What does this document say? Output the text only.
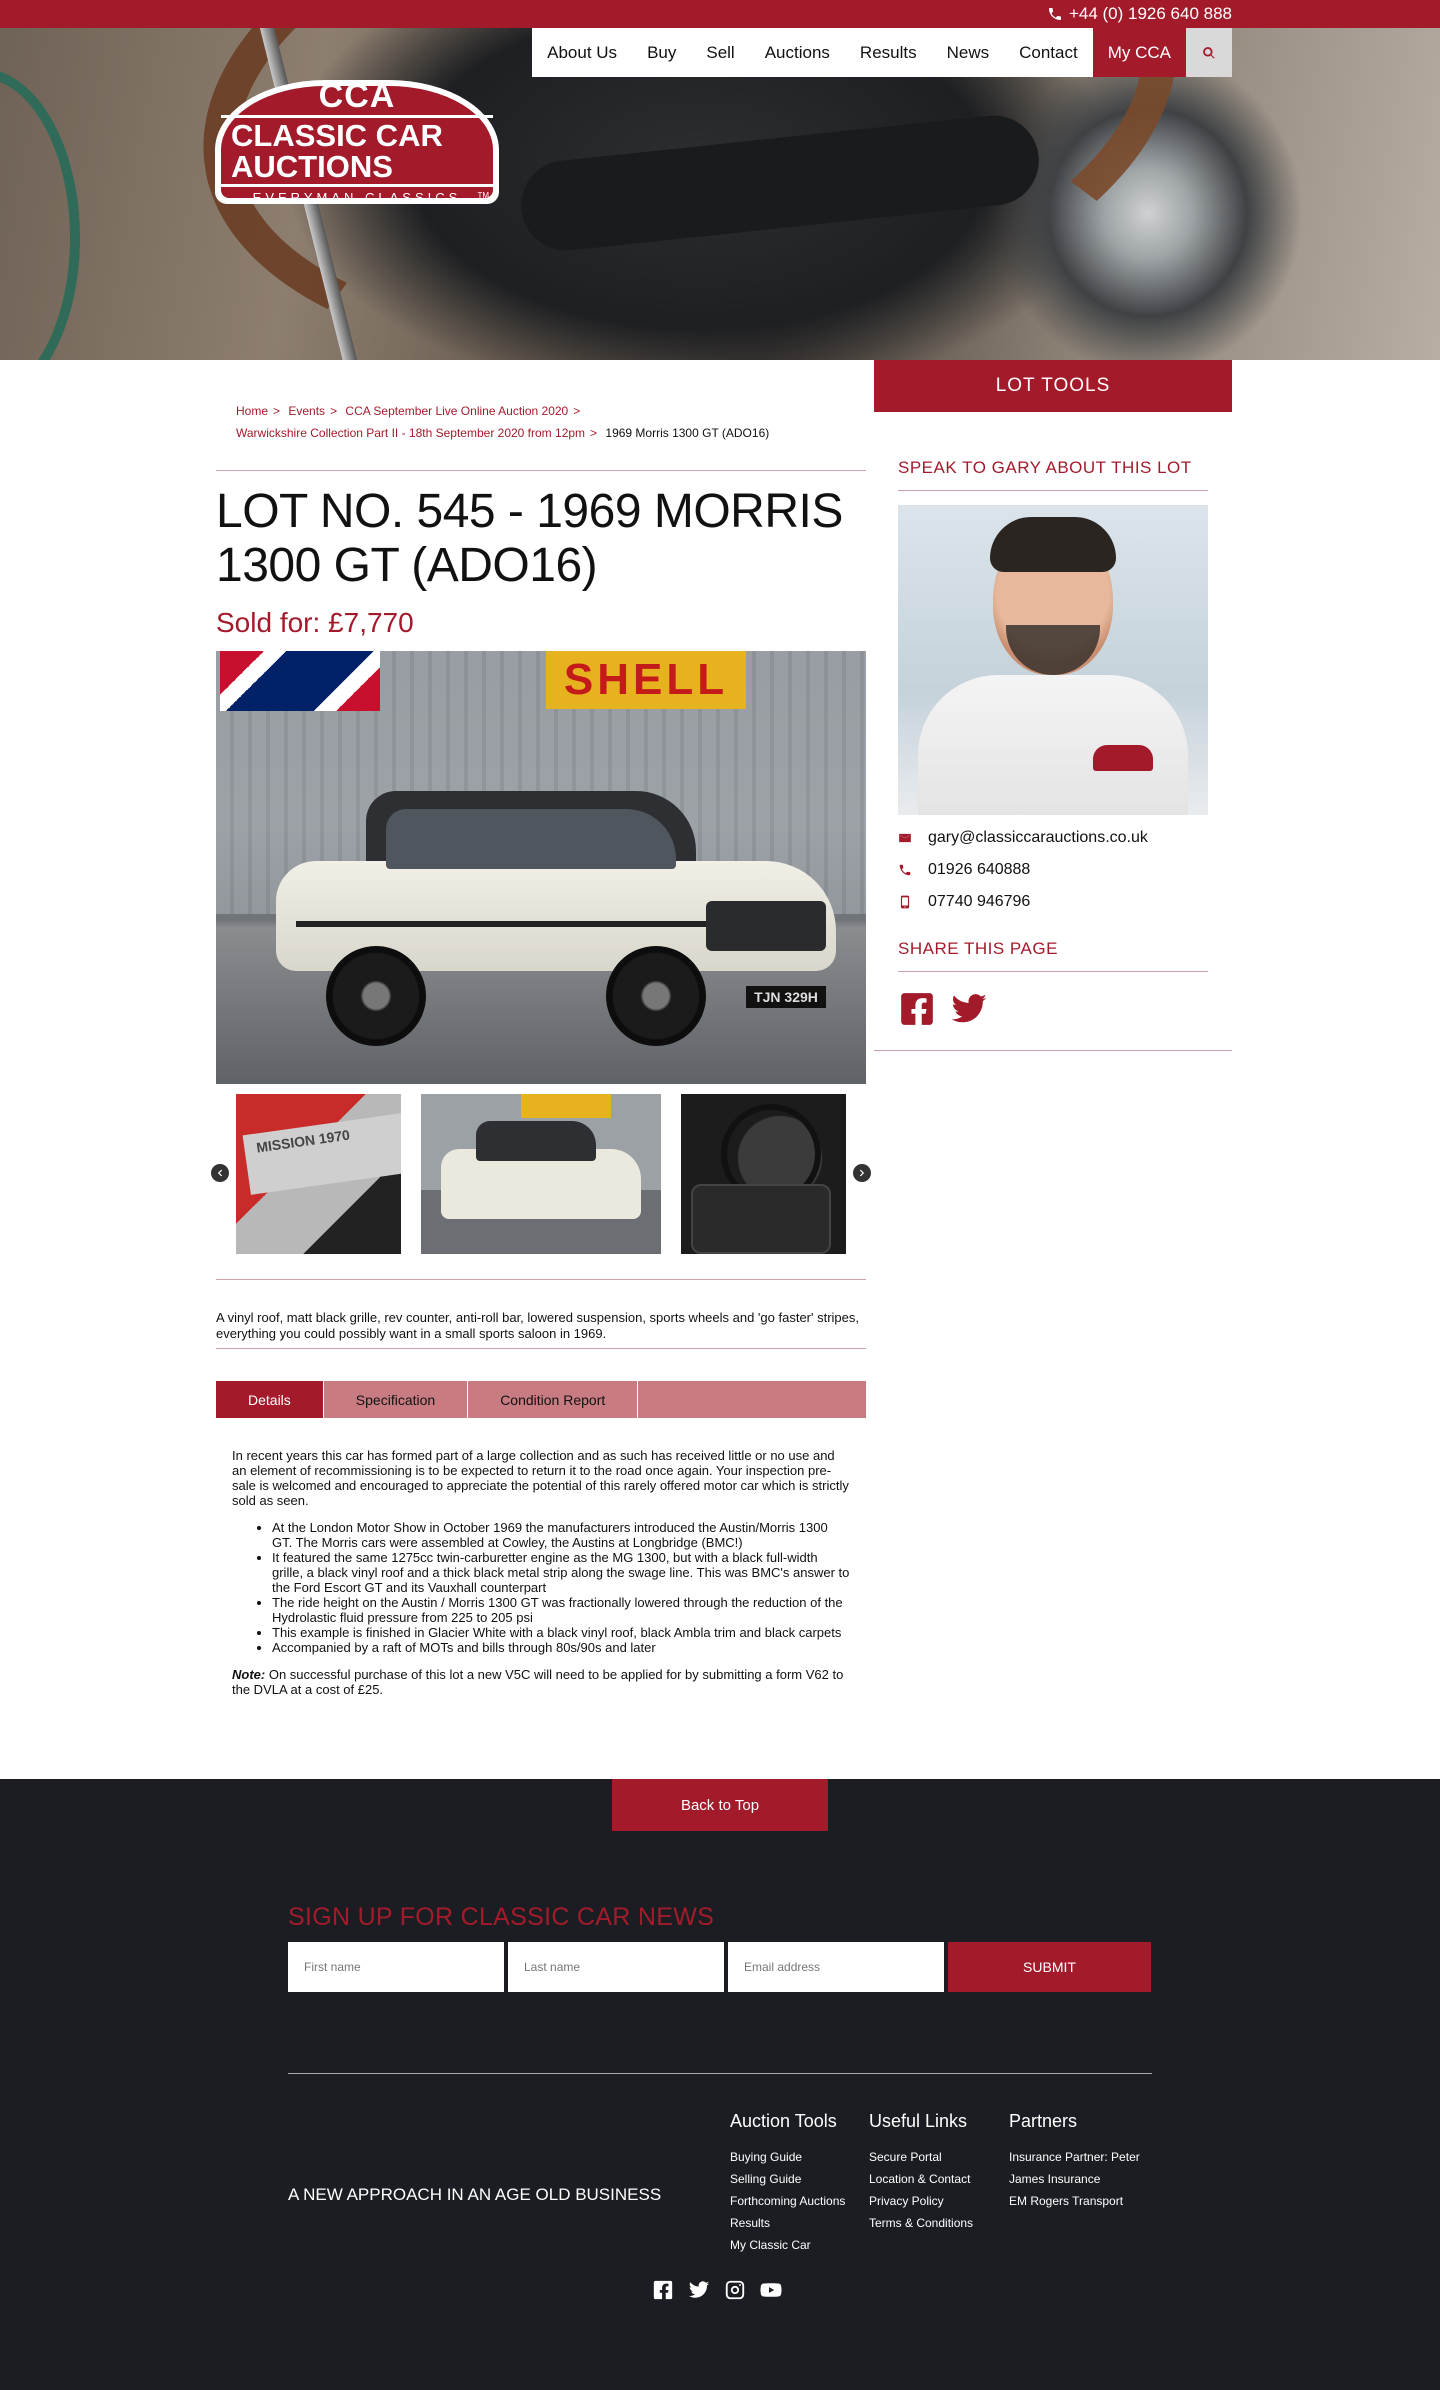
+44 (0) 1926 640 888
CCA
CLASSIC CAR AUCTIONS
EVERYMAN CLASSICS TM
About Us	Buy	Sell	Auctions	Results	News	Contact	My CCA
Home > Events > CCA September Live Online Auction 2020 >
Warwickshire Collection Part II - 18th September 2020 from 12pm > 1969 Morris 1300 GT (ADO16)
LOT NO. 545 - 1969 MORRIS 1300 GT (ADO16)
Sold for: £7,770
SHELL
TJN 329H
MISSION 1970

A vinyl roof, matt black grille, rev counter, anti-roll bar, lowered suspension, sports wheels and 'go faster' stripes, everything you could possibly want in a small sports saloon in 1969.

Details	Specification	Condition Report

In recent years this car has formed part of a large collection and as such has received little or no use and an element of recommissioning is to be expected to return it to the road once again. Your inspection pre-sale is welcomed and encouraged to appreciate the potential of this rarely offered motor car which is strictly sold as seen.

• At the London Motor Show in October 1969 the manufacturers introduced the Austin/Morris 1300 GT. The Morris cars were assembled at Cowley, the Austins at Longbridge (BMC!)
• It featured the same 1275cc twin-carburetter engine as the MG 1300, but with a black full-width grille, a black vinyl roof and a thick black metal strip along the swage line. This was BMC's answer to the Ford Escort GT and its Vauxhall counterpart
• The ride height on the Austin / Morris 1300 GT was fractionally lowered through the reduction of the Hydrolastic fluid pressure from 225 to 205 psi
• This example is finished in Glacier White with a black vinyl roof, black Ambla trim and black carpets
• Accompanied by a raft of MOTs and bills through 80s/90s and later

Note: On successful purchase of this lot a new V5C will need to be applied for by submitting a form V62 to the DVLA at a cost of £25.

LOT TOOLS
SPEAK TO GARY ABOUT THIS LOT
gary@classiccarauctions.co.uk
01926 640888
07740 946796
SHARE THIS PAGE
Back to Top
SIGN UP FOR CLASSIC CAR NEWS
First name
Last name
Email address
SUBMIT
A NEW APPROACH IN AN AGE OLD BUSINESS
Auction Tools
Buying Guide
Selling Guide
Forthcoming Auctions
Results
My Classic Car
Useful Links
Secure Portal
Location & Contact
Privacy Policy
Terms & Conditions
Partners
Insurance Partner: Peter
James Insurance
EM Rogers Transport
